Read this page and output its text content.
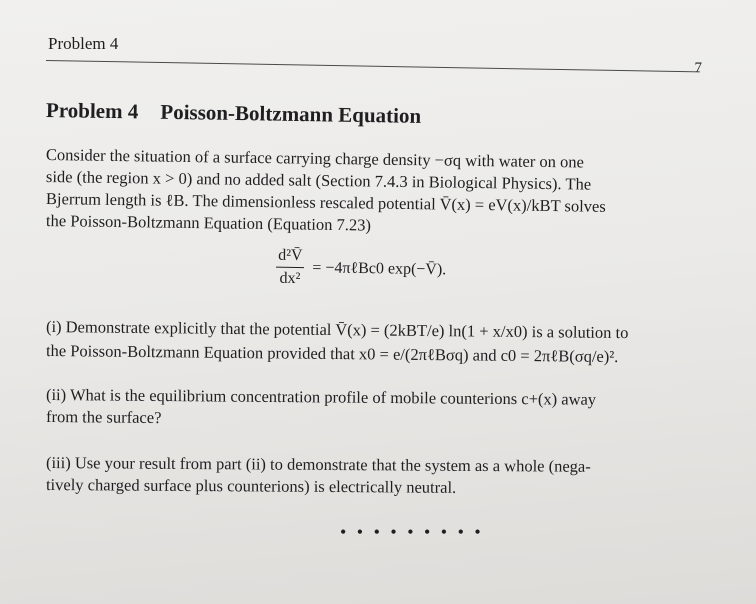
Problem 4
7
Problem 4 Poisson-Boltzmann Equation
Consider the situation of a surface carrying charge density −σq with water on one
side (the region x > 0) and no added salt (Section 7.4.3 in Biological Physics). The
Bjerrum length is ℓB. The dimensionless rescaled potential V̄(x) = eV(x)/kBT solves
the Poisson-Boltzmann Equation (Equation 7.23)
$\frac{\text{d²V̄}}{\text{dx²}}$ = −4πℓBc0 exp(−V̄).
(i) Demonstrate explicitly that the potential V̄(x) = (2kBT/e) ln(1 + x/x0) is a solution to
the Poisson-Boltzmann Equation provided that x0 = e/(2πℓBσq) and c0 = 2πℓB(σq/e)².
(ii) What is the equilibrium concentration profile of mobile counterions c+(x) away
from the surface?
(iii) Use your result from part (ii) to demonstrate that the system as a whole (nega-
tively charged surface plus counterions) is electrically neutral.
• • • • • • • • •
